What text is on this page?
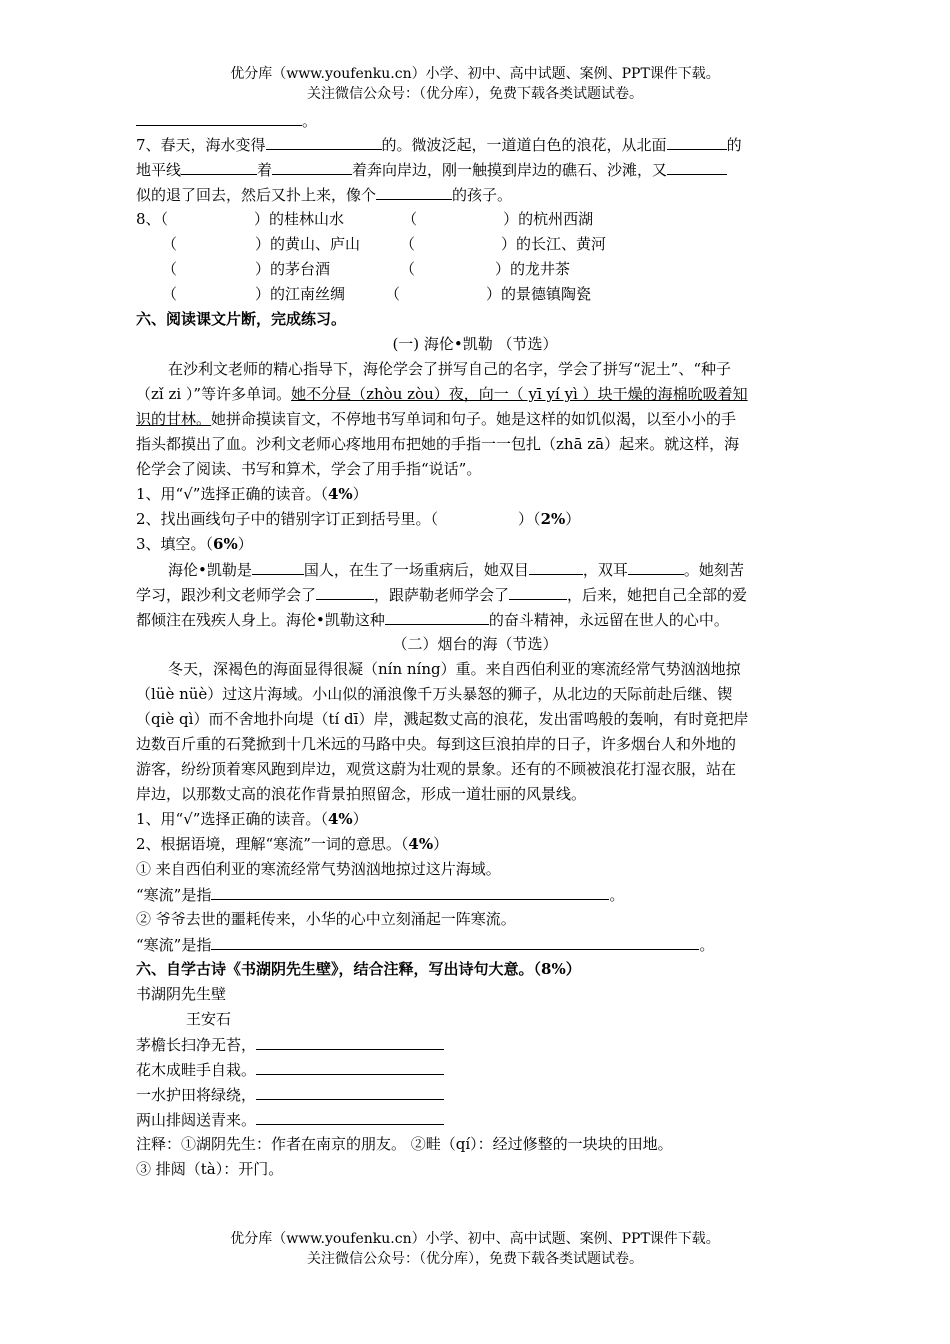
优分库（www.youfenku.cn）小学、初中、高中试题、案例、PPT课件下载。
关注微信公众号：（优分库），免费下载各类试题试卷。
。
7、春天，海水变得	的。微波泛起，一道道白色的浪花，从北面	的
地平线	着	着奔向岸边，刚一触摸到岸边的礁石、沙滩，又
似的退了回去，然后又扑上来，像个	的孩子。
8、（	）的桂林山水	（	）的杭州西湖
（	）的黄山、庐山	（	）的长江、黄河
（	）的茅台酒	（	）的龙井茶
（	）的江南丝绸	（	）的景德镇陶瓷
六、阅读课文片断，完成练习。
(一) 海伦•凯勒 （节选）
在沙利文老师的精心指导下，海伦学会了拼写自己的名字，学会了拼写“泥土”、“种子
（zǐ zi ）”等许多单词。她不分昼（zhòu zòu）夜，向一（ yī yí yì ）块干燥的海棉吮吸着知
识的甘林。她拼命摸读盲文，不停地书写单词和句子。她是这样的如饥似渴，以至小小的手
指头都摸出了血。沙利文老师心疼地用布把她的手指一一包扎（zhā zā）起来。就这样，海
伦学会了阅读、书写和算术，学会了用手指“说话”。
1、用“√”选择正确的读音。（4%）
2、找出画线句子中的错别字订正到括号里。（	）（2%）
3、填空。（6%）
海伦•凯勒是	国人，在生了一场重病后，她双目	，双耳	。她刻苦
学习，跟沙利文老师学会了	，跟萨勒老师学会了	，后来，她把自己全部的爱
都倾注在残疾人身上。海伦•凯勒这种	的奋斗精神，永远留在世人的心中。
（二）烟台的海（节选）
冬天，深褐色的海面显得很凝（nín níng）重。来自西伯利亚的寒流经常气势汹汹地掠
（lüè nüè）过这片海域。小山似的涌浪像千万头暴怒的狮子，从北边的天际前赴后继、锲
（qiè qì）而不舍地扑向堤（tí dī）岸，溅起数丈高的浪花，发出雷鸣般的轰响，有时竟把岸
边数百斤重的石凳掀到十几米远的马路中央。每到这巨浪拍岸的日子，许多烟台人和外地的
游客，纷纷顶着寒风跑到岸边，观赏这蔚为壮观的景象。还有的不顾被浪花打湿衣服，站在
岸边，以那数丈高的浪花作背景拍照留念，形成一道壮丽的风景线。
1、用“√”选择正确的读音。（4%）
2、根据语境，理解“寒流”一词的意思。（4%）
① 来自西伯利亚的寒流经常气势汹汹地掠过这片海域。
“寒流”是指	。
② 爷爷去世的噩耗传来，小华的心中立刻涌起一阵寒流。
“寒流”是指	。
六、自学古诗《书湖阴先生壁》，结合注释，写出诗句大意。（8%）
书湖阴先生壁
王安石
茅檐长扫净无苔，
花木成畦手自栽。
一水护田将绿绕，
两山排闼送青来。
注释：①湖阴先生：作者在南京的朋友。 ②畦（qí）：经过修整的一块块的田地。
③ 排闼（tà）：开门。
优分库（www.youfenku.cn）小学、初中、高中试题、案例、PPT课件下载。
关注微信公众号：（优分库），免费下载各类试题试卷。
